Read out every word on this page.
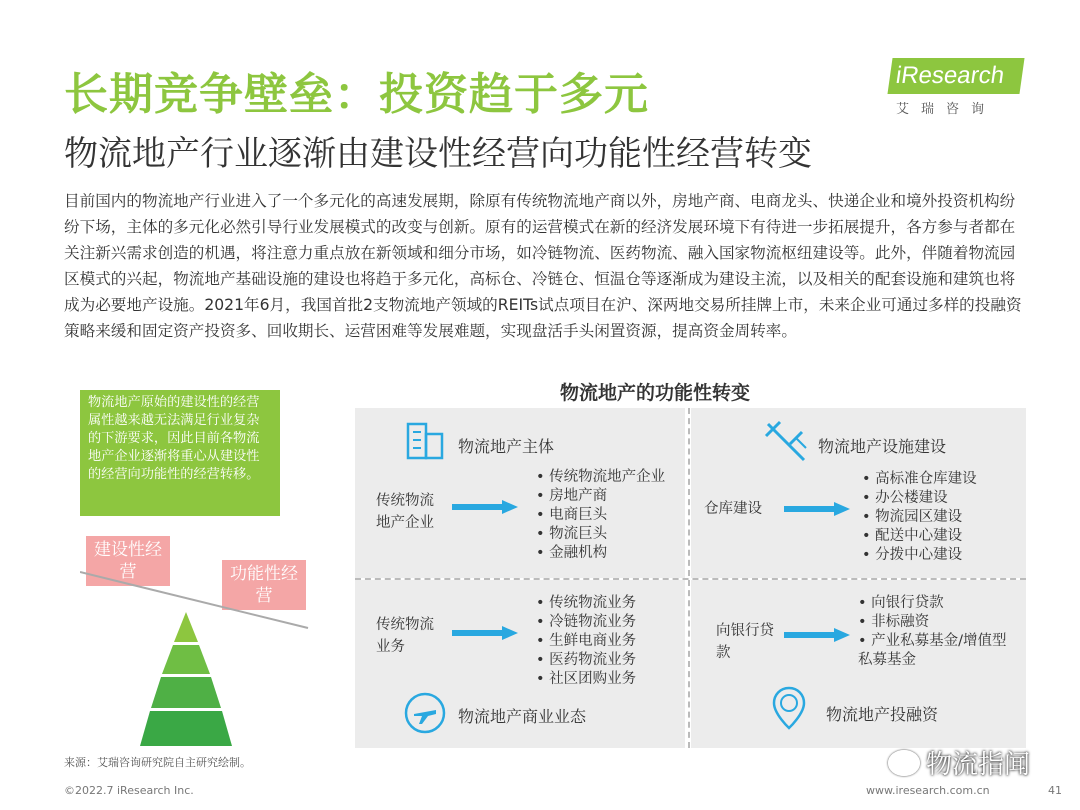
长期竞争壁垒：投资趋于多元
物流地产行业逐渐由建设性经营向功能性经营转变
iResearch
艾瑞咨询
目前国内的物流地产行业进入了一个多元化的高速发展期，除原有传统物流地产商以外，房地产商、电商龙头、快递企业和境外投资机构纷纷下场，主体的多元化必然引导行业发展模式的改变与创新。原有的运营模式在新的经济发展环境下有待进一步拓展提升，各方参与者都在关注新兴需求创造的机遇，将注意力重点放在新领域和细分市场，如冷链物流、医药物流、融入国家物流枢纽建设等。此外，伴随着物流园区模式的兴起，物流地产基础设施的建设也将趋于多元化，高标仓、冷链仓、恒温仓等逐渐成为建设主流，以及相关的配套设施和建筑也将成为必要地产设施。2021年6月，我国首批2支物流地产领域的REITs试点项目在沪、深两地交易所挂牌上市，未来企业可通过多样的投融资策略来缓和固定资产投资多、回收期长、运营困难等发展难题，实现盘活手头闲置资源，提高资金周转率。
物流地产原始的建设性的经营属性越来越无法满足行业复杂的下游要求，因此目前各物流地产企业逐渐将重心从建设性的经营向功能性的经营转移。
建设性经营	功能性经营
物流地产的功能性转变
物流地产主体
传统物流地产企业
• 传统物流地产企业
• 房地产商
• 电商巨头
• 物流巨头
• 金融机构
物流地产设施建设
仓库建设
• 高标准仓库建设
• 办公楼建设
• 物流园区建设
• 配送中心建设
• 分拨中心建设
传统物流业务
• 传统物流业务
• 冷链物流业务
• 生鲜电商业务
• 医药物流业务
• 社区团购业务
物流地产商业业态
向银行贷款
• 向银行贷款
• 非标融资
• 产业私募基金/增值型私募基金
物流地产投融资
来源：艾瑞咨询研究院自主研究绘制。
©2022.7 iResearch Inc.	www.iresearch.com.cn	41
物流指闻
